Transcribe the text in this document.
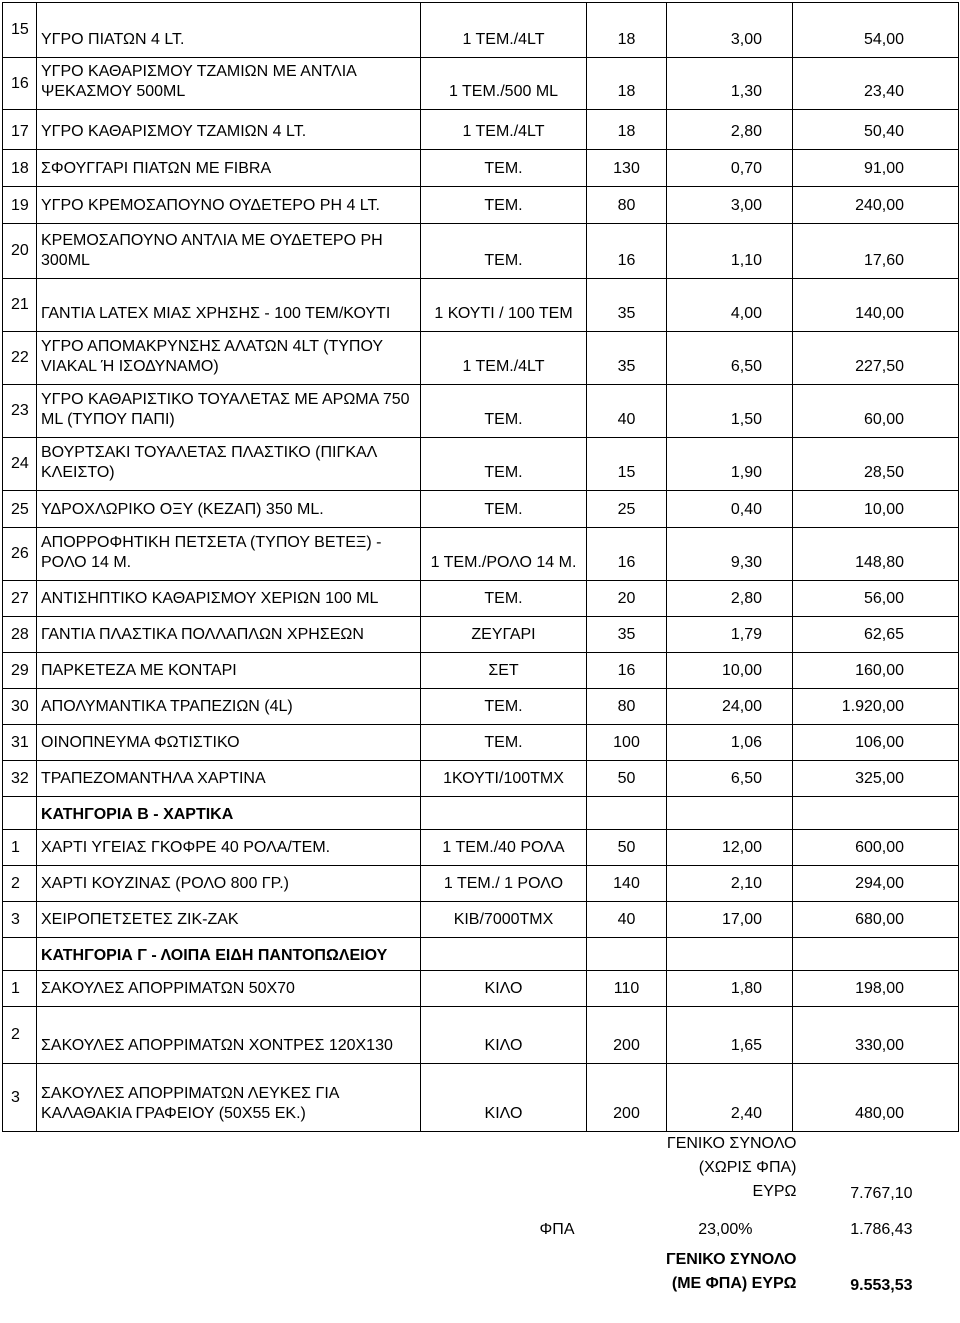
15	ΥΓΡΟ ΠΙΑΤΩΝ 4 LT.	1 ΤΕΜ./4LT	18	3,00	54,00
16	ΥΓΡΟ ΚΑΘΑΡΙΣΜΟΥ ΤΖΑΜΙΩΝ ΜΕ ΑΝΤΛΙΑ ΨΕΚΑΣΜΟΥ 500ML	1 ΤΕΜ./500 ML	18	1,30	23,40
17	ΥΓΡΟ ΚΑΘΑΡΙΣΜΟΥ ΤΖΑΜΙΩΝ 4 LT.	1 ΤΕΜ./4LT	18	2,80	50,40
18	ΣΦΟΥΓΓΑΡΙ ΠΙΑΤΩΝ ΜΕ FIBRA	ΤΕΜ.	130	0,70	91,00
19	ΥΓΡΟ ΚΡΕΜΟΣΑΠΟΥΝΟ ΟΥΔΕΤΕΡΟ PH 4 LT.	ΤΕΜ.	80	3,00	240,00
20	ΚΡΕΜΟΣΑΠΟΥΝΟ ΑΝΤΛΙΑ ΜΕ ΟΥΔΕΤΕΡΟ PH 300ML	ΤΕΜ.	16	1,10	17,60
21	ΓΑΝΤΙΑ LATEX ΜΙΑΣ ΧΡΗΣΗΣ - 100 ΤΕΜ/ΚΟΥΤΙ	1 ΚΟΥΤΙ / 100 ΤΕΜ	35	4,00	140,00
22	ΥΓΡΟ ΑΠΟΜΑΚΡΥΝΣΗΣ ΑΛΑΤΩΝ 4LT (ΤΥΠΟΥ VIAKAL Ή ΙΣΟΔΥΝΑΜΟ)	1 ΤΕΜ./4LT	35	6,50	227,50
23	ΥΓΡΟ ΚΑΘΑΡΙΣΤΙΚΟ ΤΟΥΑΛΕΤΑΣ ΜΕ ΑΡΩΜΑ 750 ML (ΤΥΠΟΥ ΠΑΠΙ)	ΤΕΜ.	40	1,50	60,00
24	ΒΟΥΡΤΣΑΚΙ ΤΟΥΑΛΕΤΑΣ ΠΛΑΣΤΙΚΟ (ΠΙΓΚΑΛ ΚΛΕΙΣΤΟ)	ΤΕΜ.	15	1,90	28,50
25	ΥΔΡΟΧΛΩΡΙΚΟ ΟΞΥ (ΚΕΖΑΠ) 350 ML.	ΤΕΜ.	25	0,40	10,00
26	ΑΠΟΡΡΟΦΗΤΙΚΗ ΠΕΤΣΕΤΑ (ΤΥΠΟΥ ΒΕΤΕΞ) - ΡΟΛΟ 14 Μ.	1 ΤΕΜ./ΡΟΛΟ 14 Μ.	16	9,30	148,80
27	ΑΝΤΙΣΗΠΤΙΚΟ ΚΑΘΑΡΙΣΜΟΥ ΧΕΡΙΩΝ 100 ML	ΤΕΜ.	20	2,80	56,00
28	ΓΑΝΤΙΑ ΠΛΑΣΤΙΚΑ ΠΟΛΛΑΠΛΩΝ ΧΡΗΣΕΩΝ	ΖΕΥΓΑΡΙ	35	1,79	62,65
29	ΠΑΡΚΕΤΕΖΑ ΜΕ ΚΟΝΤΑΡΙ	ΣΕΤ	16	10,00	160,00
30	ΑΠΟΛΥΜΑΝΤΙΚΑ ΤΡΑΠΕΖΙΩΝ (4L)	ΤΕΜ.	80	24,00	1.920,00
31	ΟΙΝΟΠΝΕΥΜΑ ΦΩΤΙΣΤΙΚΟ	ΤΕΜ.	100	1,06	106,00
32	ΤΡΑΠΕΖΟΜΑΝΤΗΛΑ ΧΑΡΤΙΝΑ	1ΚΟΥΤΙ/100ΤΜΧ	50	6,50	325,00
	ΚΑΤΗΓΟΡΙΑ Β - ΧΑΡΤΙΚΑ				
1	ΧΑΡΤΙ ΥΓΕΙΑΣ ΓΚΟΦΡΕ 40 ΡΟΛΑ/ΤΕΜ.	1 ΤΕΜ./40 ΡΟΛΑ	50	12,00	600,00
2	ΧΑΡΤΙ ΚΟΥΖΙΝΑΣ (ΡΟΛΟ 800 ΓΡ.)	1 ΤΕΜ./ 1 ΡΟΛΟ	140	2,10	294,00
3	ΧΕΙΡΟΠΕΤΣΕΤΕΣ ΖΙΚ-ΖΑΚ	ΚΙΒ/7000ΤΜΧ	40	17,00	680,00
	ΚΑΤΗΓΟΡΙΑ Γ - ΛΟΙΠΑ ΕΙΔΗ ΠΑΝΤΟΠΩΛΕΙΟΥ				
1	ΣΑΚΟΥΛΕΣ ΑΠΟΡΡΙΜΑΤΩΝ 50Χ70	ΚΙΛΟ	110	1,80	198,00
2	ΣΑΚΟΥΛΕΣ ΑΠΟΡΡΙΜΑΤΩΝ ΧΟΝΤΡΕΣ 120Χ130	ΚΙΛΟ	200	1,65	330,00
3	ΣΑΚΟΥΛΕΣ ΑΠΟΡΡΙΜΑΤΩΝ ΛΕΥΚΕΣ ΓΙΑ ΚΑΛΑΘΑΚΙΑ ΓΡΑΦΕΙΟΥ (50Χ55 ΕΚ.)	ΚΙΛΟ	200	2,40	480,00
		ΓΕΝΙΚΟ ΣΥΝΟΛΟ (ΧΩΡΙΣ ΦΠΑ) ΕΥΡΩ			7.767,10
		ΦΠΑ	23,00%		1.786,43
		ΓΕΝΙΚΟ ΣΥΝΟΛΟ (ΜΕ ΦΠΑ) ΕΥΡΩ			9.553,53
